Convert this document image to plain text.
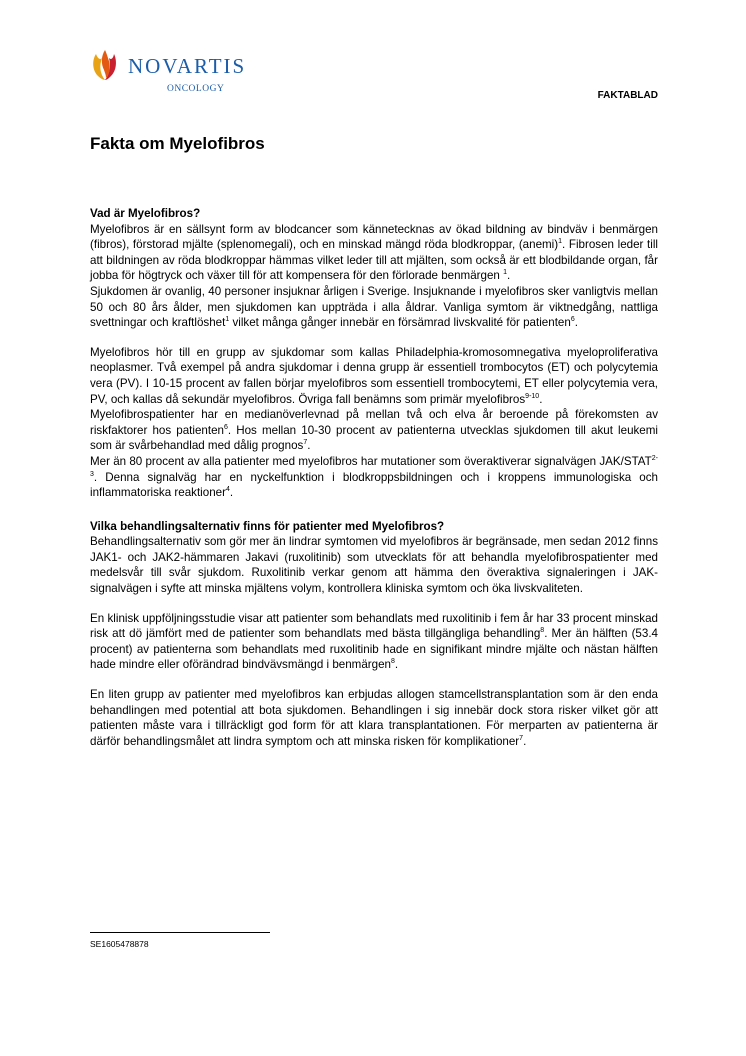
NOVARTIS
ONCOLOGY
FAKTABLAD
Fakta om Myelofibros
Vad är Myelofibros?

Myelofibros är en sällsynt form av blodcancer som kännetecknas av ökad bildning av bindväv i benmärgen (fibros), förstorad mjälte (splenomegali), och en minskad mängd röda blodkroppar, (anemi)$^1$. Fibrosen leder till att bildningen av röda blodkroppar hämmas vilket leder till att mjälten, som också är ett blodbildande organ, får jobba för högtryck och växer till för att kompensera för den förlorade benmärgen $^1$.

Sjukdomen är ovanlig, 40 personer insjuknar årligen i Sverige. Insjuknande i myelofibros sker vanligtvis mellan 50 och 80 års ålder, men sjukdomen kan uppträda i alla åldrar. Vanliga symtom är viktnedgång, nattliga svettningar och kraftlöshet$^1$ vilket många gånger innebär en försämrad livskvalité för patienten$^6$.

Myelofibros hör till en grupp av sjukdomar som kallas Philadelphia-kromosomnegativa myeloproliferativa neoplasmer. Två exempel på andra sjukdomar i denna grupp är essentiell trombocytos (ET) och polycytemia vera (PV). I 10-15 procent av fallen börjar myelofibros som essentiell trombocytemi, ET eller polycytemia vera, PV, och kallas då sekundär myelofibros. Övriga fall benämns som primär myelofibros$^{9-10}$.

Myelofibrospatienter har en medianöverlevnad på mellan två och elva år beroende på förekomsten av riskfaktorer hos patienten$^6$. Hos mellan 10-30 procent av patienterna utvecklas sjukdomen till akut leukemi som är svårbehandlad med dålig prognos$^7$.

Mer än 80 procent av alla patienter med myelofibros har mutationer som överaktiverar signalvägen JAK/STAT$^{2-3}$. Denna signalväg har en nyckelfunktion i blodkroppsbildningen och i kroppens immunologiska och inflammatoriska reaktioner$^4$.

Vilka behandlingsalternativ finns för patienter med Myelofibros?

Behandlingsalternativ som gör mer än lindrar symtomen vid myelofibros är begränsade, men sedan 2012 finns JAK1- och JAK2-hämmaren Jakavi (ruxolitinib) som utvecklats för att behandla myelofibrospatienter med medelsvår till svår sjukdom. Ruxolitinib verkar genom att hämma den överaktiva signaleringen i JAK-signalvägen i syfte att minska mjältens volym, kontrollera kliniska symtom och öka livskvaliteten.

En klinisk uppföljningsstudie visar att patienter som behandlats med ruxolitinib i fem år har 33 procent minskad risk att dö jämfört med de patienter som behandlats med bästa tillgängliga behandling$^8$. Mer än hälften (53.4 procent) av patienterna som behandlats med ruxolitinib hade en signifikant mindre mjälte och nästan hälften hade mindre eller oförändrad bindvävsmängd i benmärgen$^8$.

En liten grupp av patienter med myelofibros kan erbjudas allogen stamcellstransplantation som är den enda behandlingen med potential att bota sjukdomen. Behandlingen i sig innebär dock stora risker vilket gör att patienten måste vara i tillräckligt god form för att klara transplantationen. För merparten av patienterna är därför behandlingsmålet att lindra symptom och att minska risken för komplikationer$^7$.

SE1605478878
